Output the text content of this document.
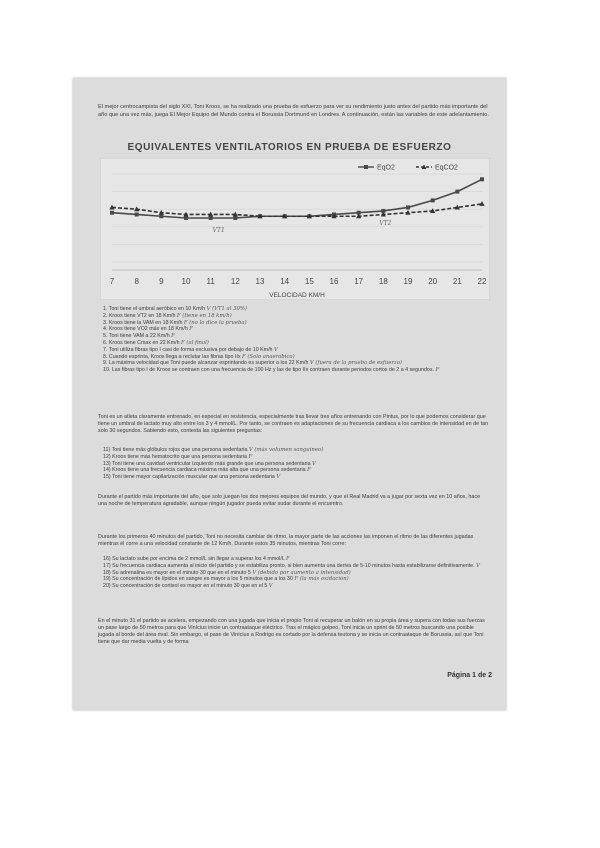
El mejor centrocampista del siglo XXI, Toni Kroos, se ha realizado una prueba de esfuerzo para ver su rendimiento justo antes del partido más importante del año que una vez más, juega El Mejor Equipo del Mundo contra el Borussia Dortmund en Londres. A continuación, están las variables de este adelantamiento.
EQUIVALENTES VENTILATORIOS EN PRUEBA DE ESFUERZO
7	8	9 10 11 12 13 14 15 16 17 18 19 20 21 22
VELOCIDAD KM/H
EqO2	EqCO2
VT1
VT2
1. Toni tiene el umbral aeróbico en 10 Km/h V (VT1 al 30%)
2. Kroos tiene VT2 en 18 Km/h F (tiene en 18 km/h)
3. Kroos tiene la VAM en 18 Km/h F (no lo dice la prueba)
4. Kroos tiene VO2 máx en 18 Km/h F
5. Toni tiene VAM a 22 Km/h F
6. Kroos tiene Cmax en 22 Km/h F (al final)
7. Toni utiliza fibras tipo I casi de forma exclusiva por debajo de 10 Km/h V
8. Cuando esprinta, Kroos llega a reclutar las fibras tipo IIx F (Solo anaeróbico)
9. La máxima velocidad que Toni puede alcanzar esprintando es superior a los 22 Km/h V (fuera de la prueba de esfuerzo)
10. Las fibras tipo I de Kroos se contraen con una frecuencia de 100 Hz y las de tipo IIx contraen durante periodos cortos de 2 a 4 segundos. F
Toni es un atleta claramente entrenado, en especial en resistencia, especialmente tras llevar tres años entrenando con Pintus, por lo que podemos considerar que tiene un umbral de lactato muy alto entre los 3 y 4 mmol/L. Por tanto, se contraen es adaptaciones de su frecuencia cardiaca a los cambios de intensidad en de tan solo 30 segundos. Sabiendo esto, contesta las siguientes preguntas:
11) Toni tiene más glóbulos rojos que una persona sedentaria V (más volumen sanguíneo)
12) Kroos tiene más hematocrito que una persona sedentaria F
13) Toni tiene una cavidad ventricular izquierdo más grande que una persona sedentaria V
14) Kroos tiene una frecuencia cardiaca máxima más alta que una persona sedentaria F
15) Toni tiene mayor capilarización muscular que una persona sedentaria V
Durante el partido más importante del año, que solo juegan los dos mejores equipos del mundo, y que el Real Madrid va a jugar por sexta vez en 10 años, hace una noche de temperatura agradable, aunque ningún jugador pueda evitar sudar durante el encuentro.
Durante los primeros 40 minutos del partido, Toni no necesita cambiar de ritmo, la mayor parte de las acciones las imponen el ritmo de las diferentes jugadas mientras él corre a una velocidad constante de 12 Km/h. Durante estos 35 minutos, mientras Toni corre:
16) Su lactato sube por encima de 2 mmol/L sin llegar a superar los 4 mmol/L F
17) Su frecuencia cardiaca aumenta al inicio del partido y se estabiliza pronto, si bien aumenta una deriva de 5-10 minutos hasta estabilizarse definitivamente. V
18) Su adrenalina es mayor en el minuto 30 que en el minuto 5 V (debido por aumento a intensidad)
19) Su concentración de lípidos en sangre es mayor a los 5 minutos que a los 30 F (la más oxidación)
20) Su concentración de cortisol es mayor en el minuto 30 que en el 5 V
En el minuto 31 el partido se acelera, empezando con una jugada que inicia el propio Toni al recuperar un balón en su propia área y supera con todas sus fuerzas un pase largo de 50 metros para que Vinícius inicie un contraataque eléctrico. Tras el mágico golpeo, Toni inicia un sprint de 50 metros buscando una posible jugada al borde del área rival. Sin embargo, el pase de Vinícius a Rodrigo es cortado por la defensa teutona y se inicia un contraataque de Borussia, así que Toni tiene que dar media vuelta y de forma
Página 1 de 2
